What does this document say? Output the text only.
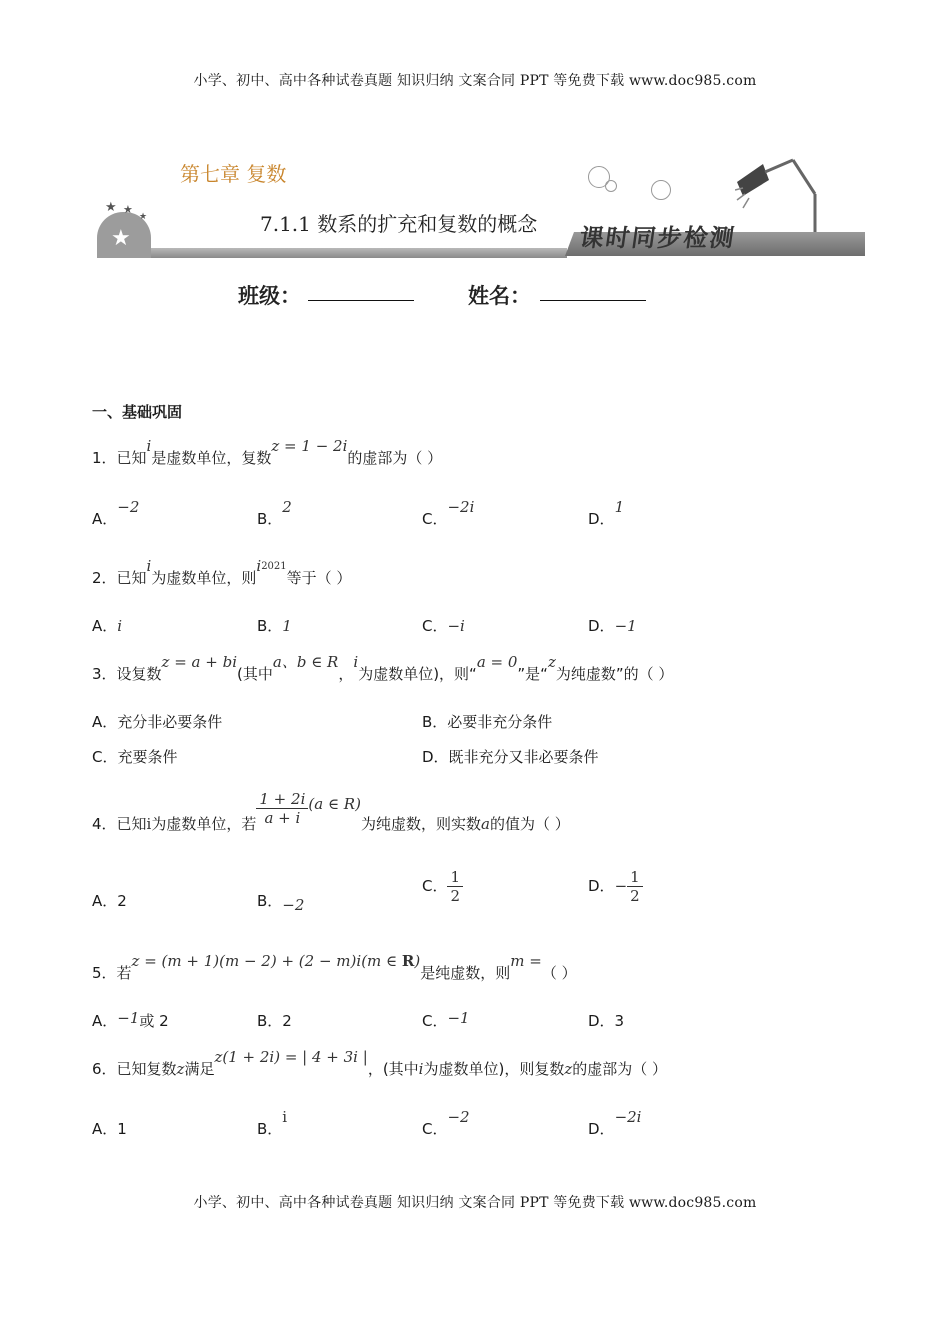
小学、初中、高中各种试卷真题 知识归纳 文案合同 PPT 等免费下载 www.doc985.com
第七章 复数
7.1.1 数系的扩充和复数的概念 课时同步检测
★
★ ★
★
班级：	姓名：
一、基础巩固
1．已知i是虚数单位，复数z = 1 − 2i的虚部为（ ）
A．−2
B．2
C．−2i
D．1
2．已知i为虚数单位，则$i^{2021}$等于（ ）
A．i	B．1	C．−i	D．−1
3．设复数z = a + bi(其中a、b ∈ R，i为虚数单位)，则“a = 0”是“z为纯虚数”的（ ）
A．充分非必要条件	B．必要非充分条件
C．充要条件	D．既非充分又非必要条件
4．已知i为虚数单位，若 $\frac{1 + 2i}{a + i} (a$ ∈ R)为纯虚数，则实数a的值为（ ）
A．2	B．−2
C． $\frac{1}{2}$	D．− $\frac{1}{2}$
5．若z = (m + 1)(m − 2) + (2 − m)i(m ∈ R)是纯虚数，则m =（ ）
A．−1或 2	B．2	C．−1	D．3
6．已知复数z满足z(1 + 2i) = | 4 + 3i |，(其中i为虚数单位)，则复数z的虚部为（ ）
A．1	B．i
C．−2
D．−2i
小学、初中、高中各种试卷真题 知识归纳 文案合同 PPT 等免费下载 www.doc985.com
